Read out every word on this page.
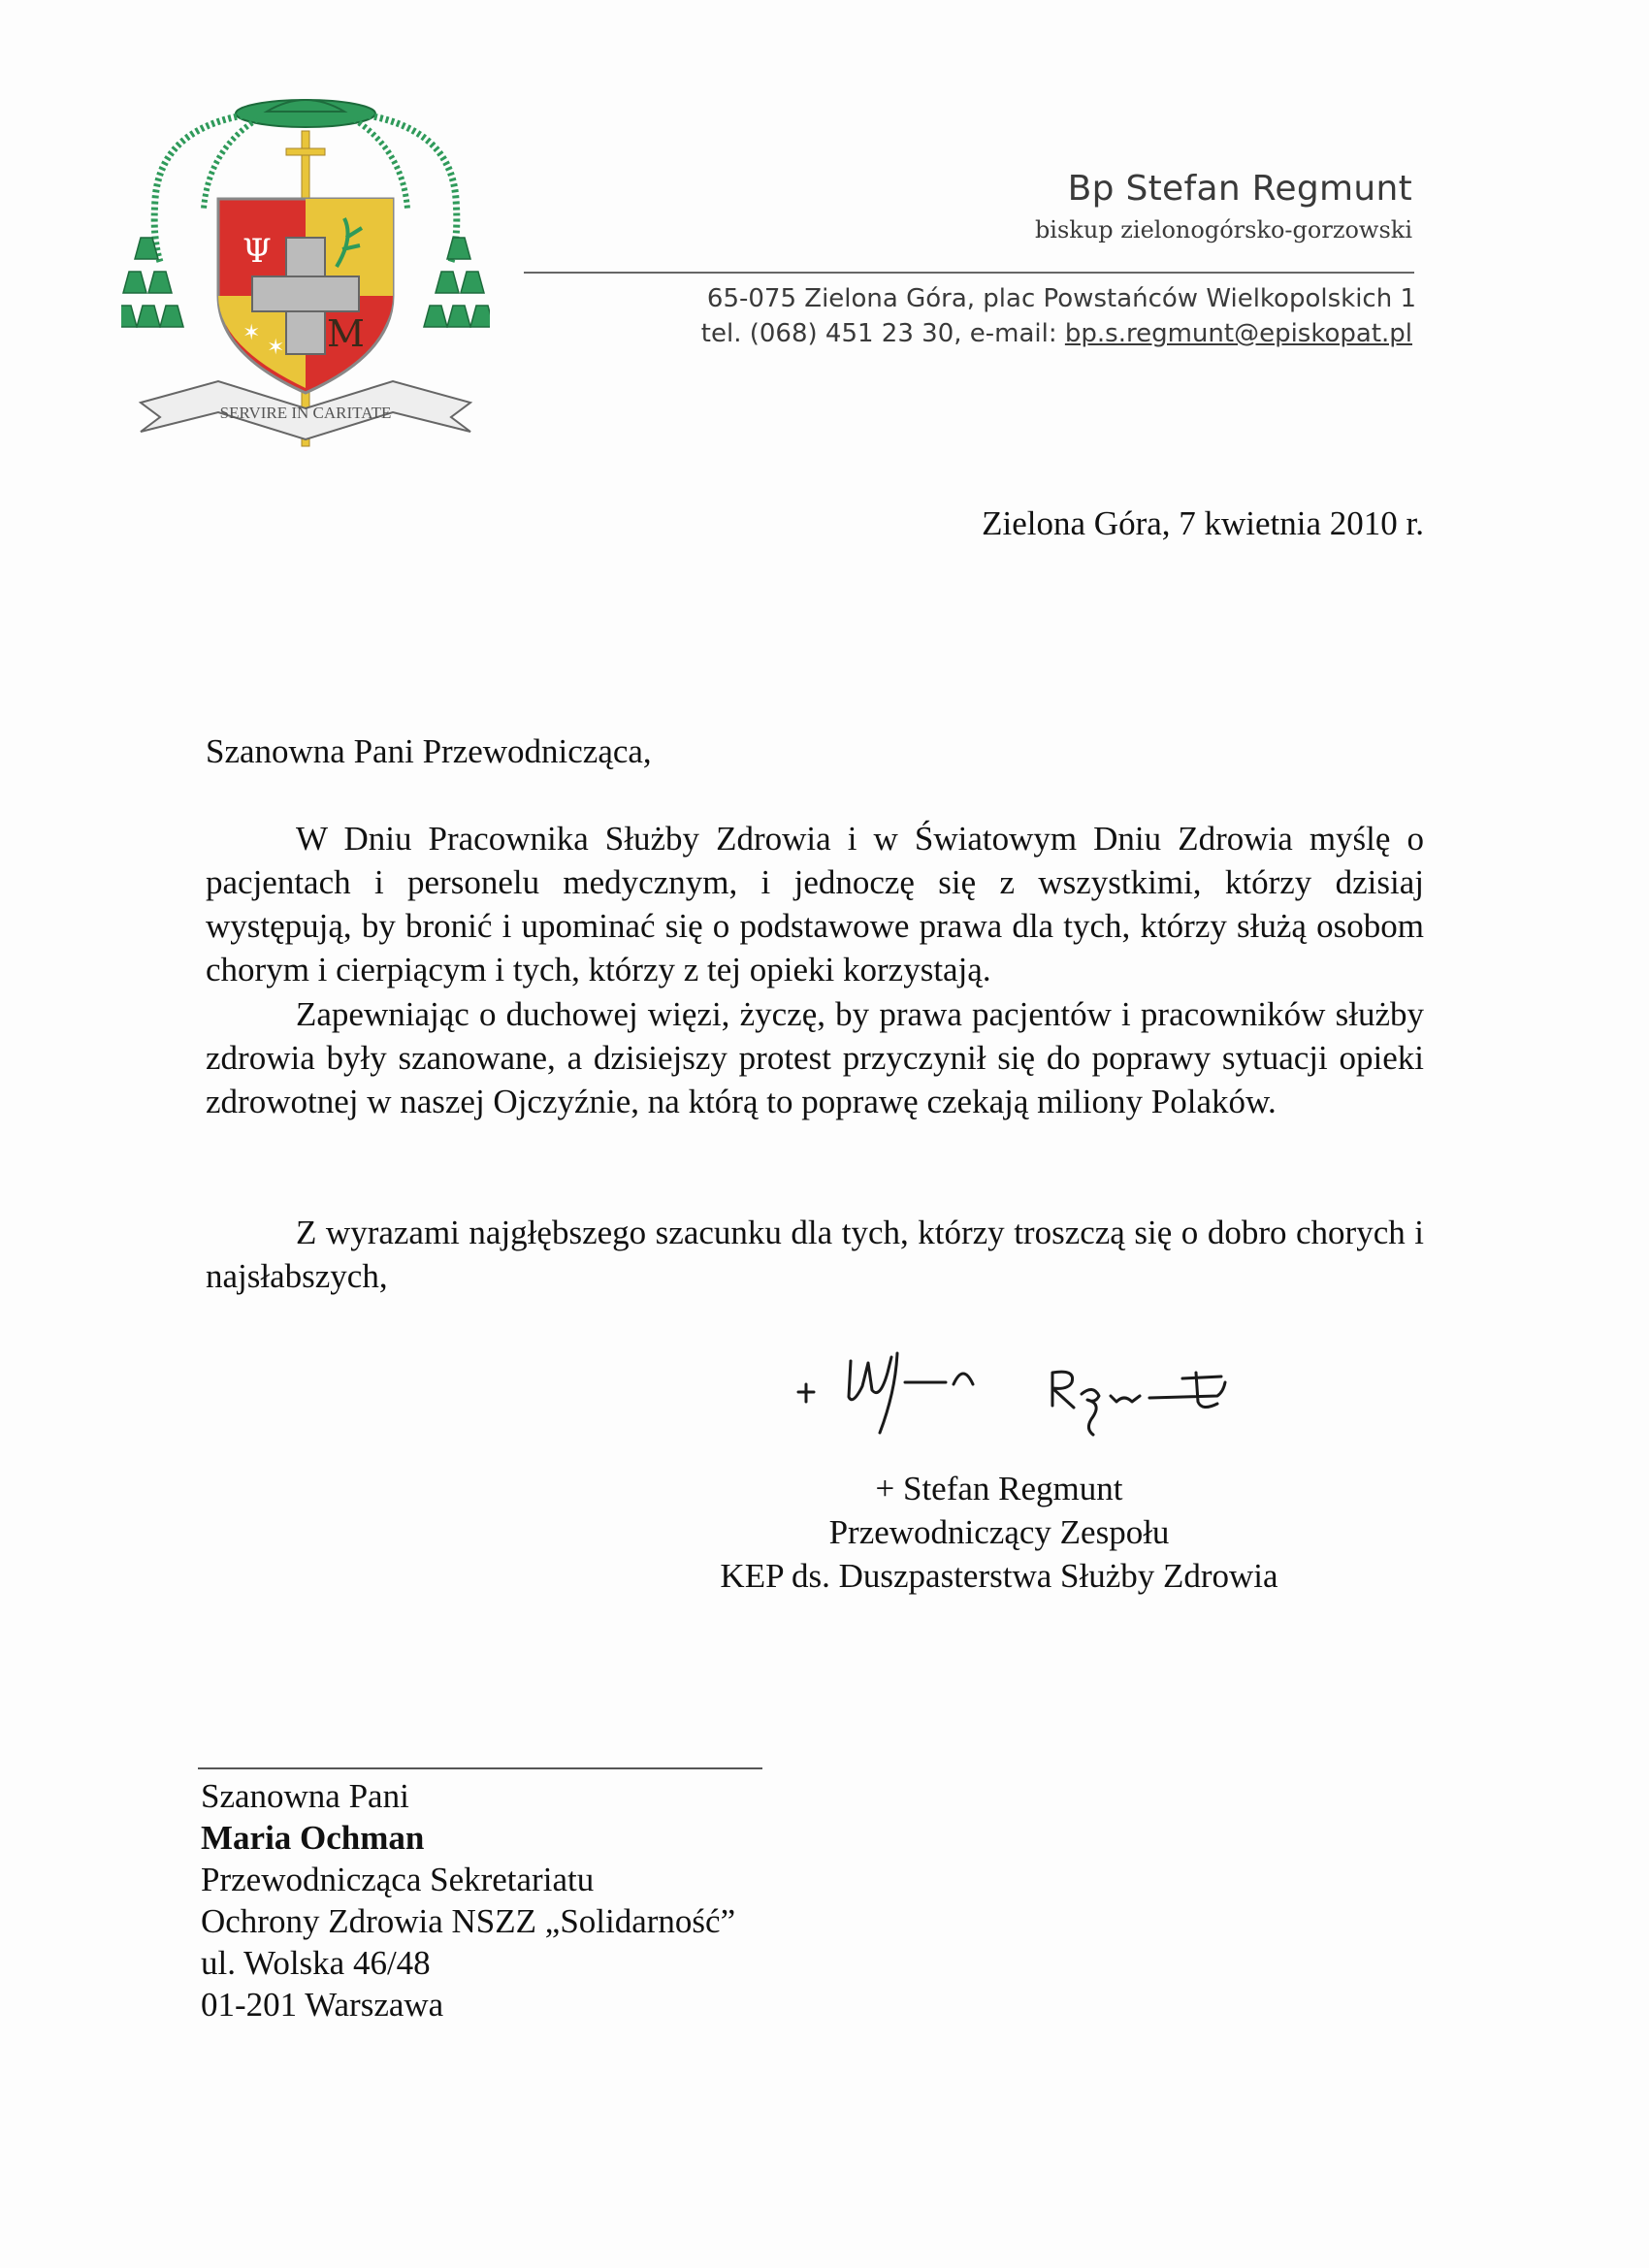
Ψ
✶
✶ M
SERVIRE IN CARITATE
Bp Stefan Regmunt
biskup zielonogórsko-gorzowski
65-075 Zielona Góra, plac Powstańców Wielkopolskich 1
tel. (068) 451 23 30, e-mail: bp.s.regmunt@episkopat.pl
Zielona Góra, 7 kwietnia 2010 r.
Szanowna Pani Przewodnicząca,

W Dniu Pracownika Służby Zdrowia i w Światowym Dniu Zdrowia myślę o pacjentach i personelu medycznym, i jednoczę się z wszystkimi, którzy dzisiaj występują, by bronić i upominać się o podstawowe prawa dla tych, którzy służą osobom chorym i cierpiącym i tych, którzy z tej opieki korzystają.

Zapewniając o duchowej więzi, życzę, by prawa pacjentów i pracowników służby zdrowia były szanowane, a dzisiejszy protest przyczynił się do poprawy sytuacji opieki zdrowotnej w naszej Ojczyźnie, na którą to poprawę czekają miliony Polaków.

Z wyrazami najgłębszego szacunku dla tych, którzy troszczą się o dobro chorych i najsłabszych,

+ Stefan Regmunt
Przewodniczący Zespołu
KEP ds. Duszpasterstwa Służby Zdrowia
Szanowna Pani
Maria Ochman
Przewodnicząca Sekretariatu
Ochrony Zdrowia NSZZ „Solidarność”
ul. Wolska 46/48
01-201 Warszawa
